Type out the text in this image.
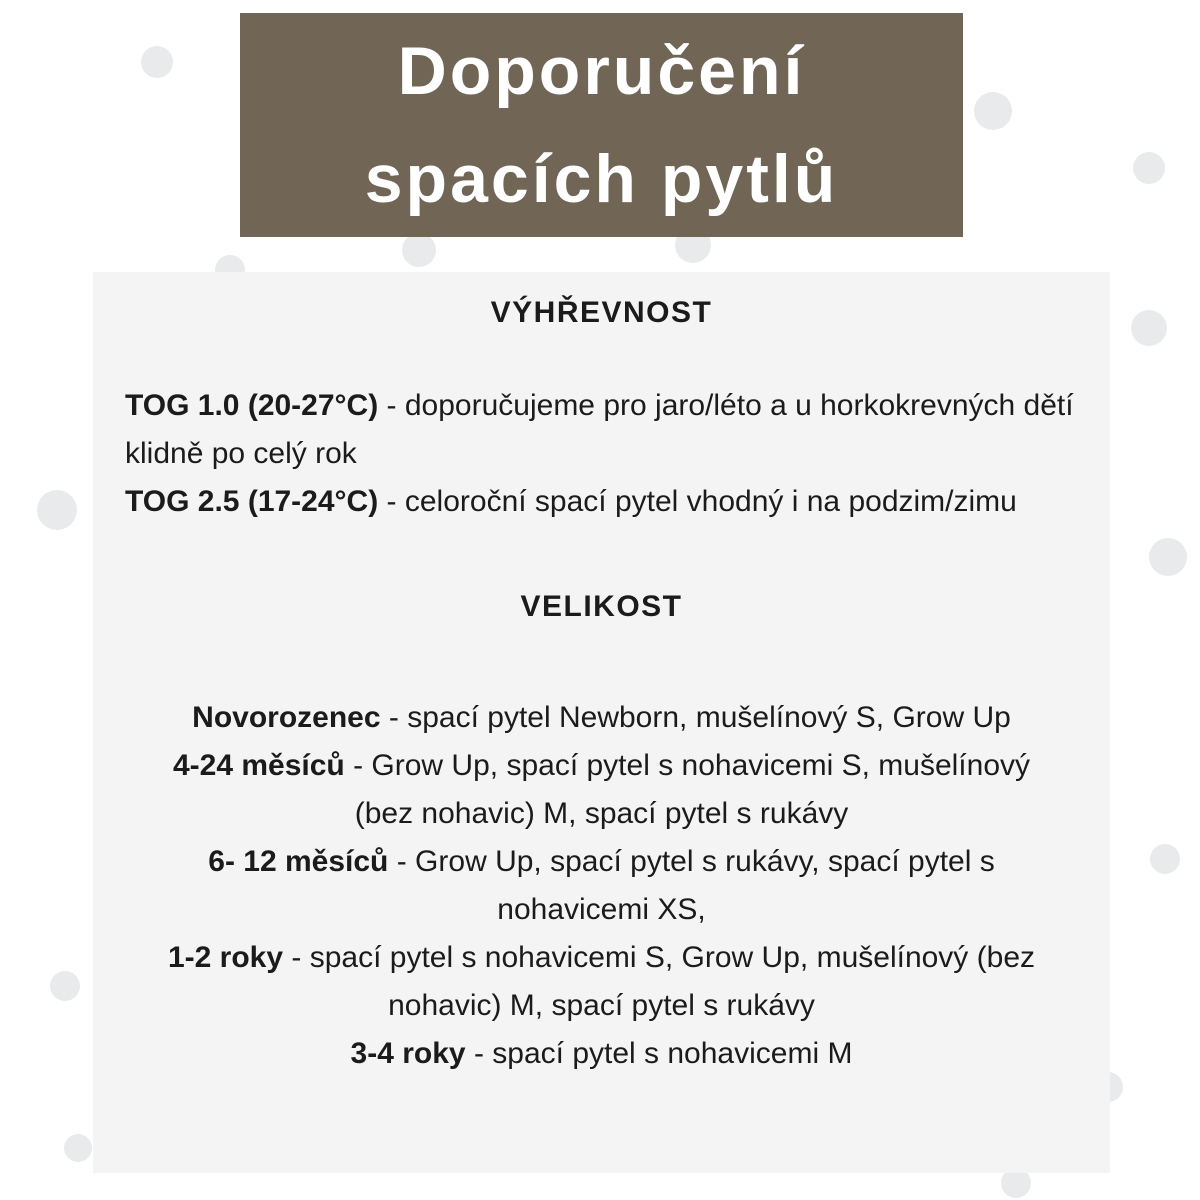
Doporučení
spacích pytlů
VÝHŘEVNOST

TOG 1.0 (20-27°C) - doporučujeme pro jaro/léto a u horkokrevných dětí klidně po celý rok

TOG 2.5 (17-24°C) - celoroční spací pytel vhodný i na podzim/zimu

VELIKOST

Novorozenec - spací pytel Newborn, mušelínový S, Grow Up

4-24 měsíců - Grow Up, spací pytel s nohavicemi S, mušelínový (bez nohavic) M, spací pytel s rukávy

6- 12 měsíců - Grow Up, spací pytel s rukávy, spací pytel s nohavicemi XS,

1-2 roky - spací pytel s nohavicemi S, Grow Up, mušelínový (bez nohavic) M, spací pytel s rukávy

3-4 roky - spací pytel s nohavicemi M
